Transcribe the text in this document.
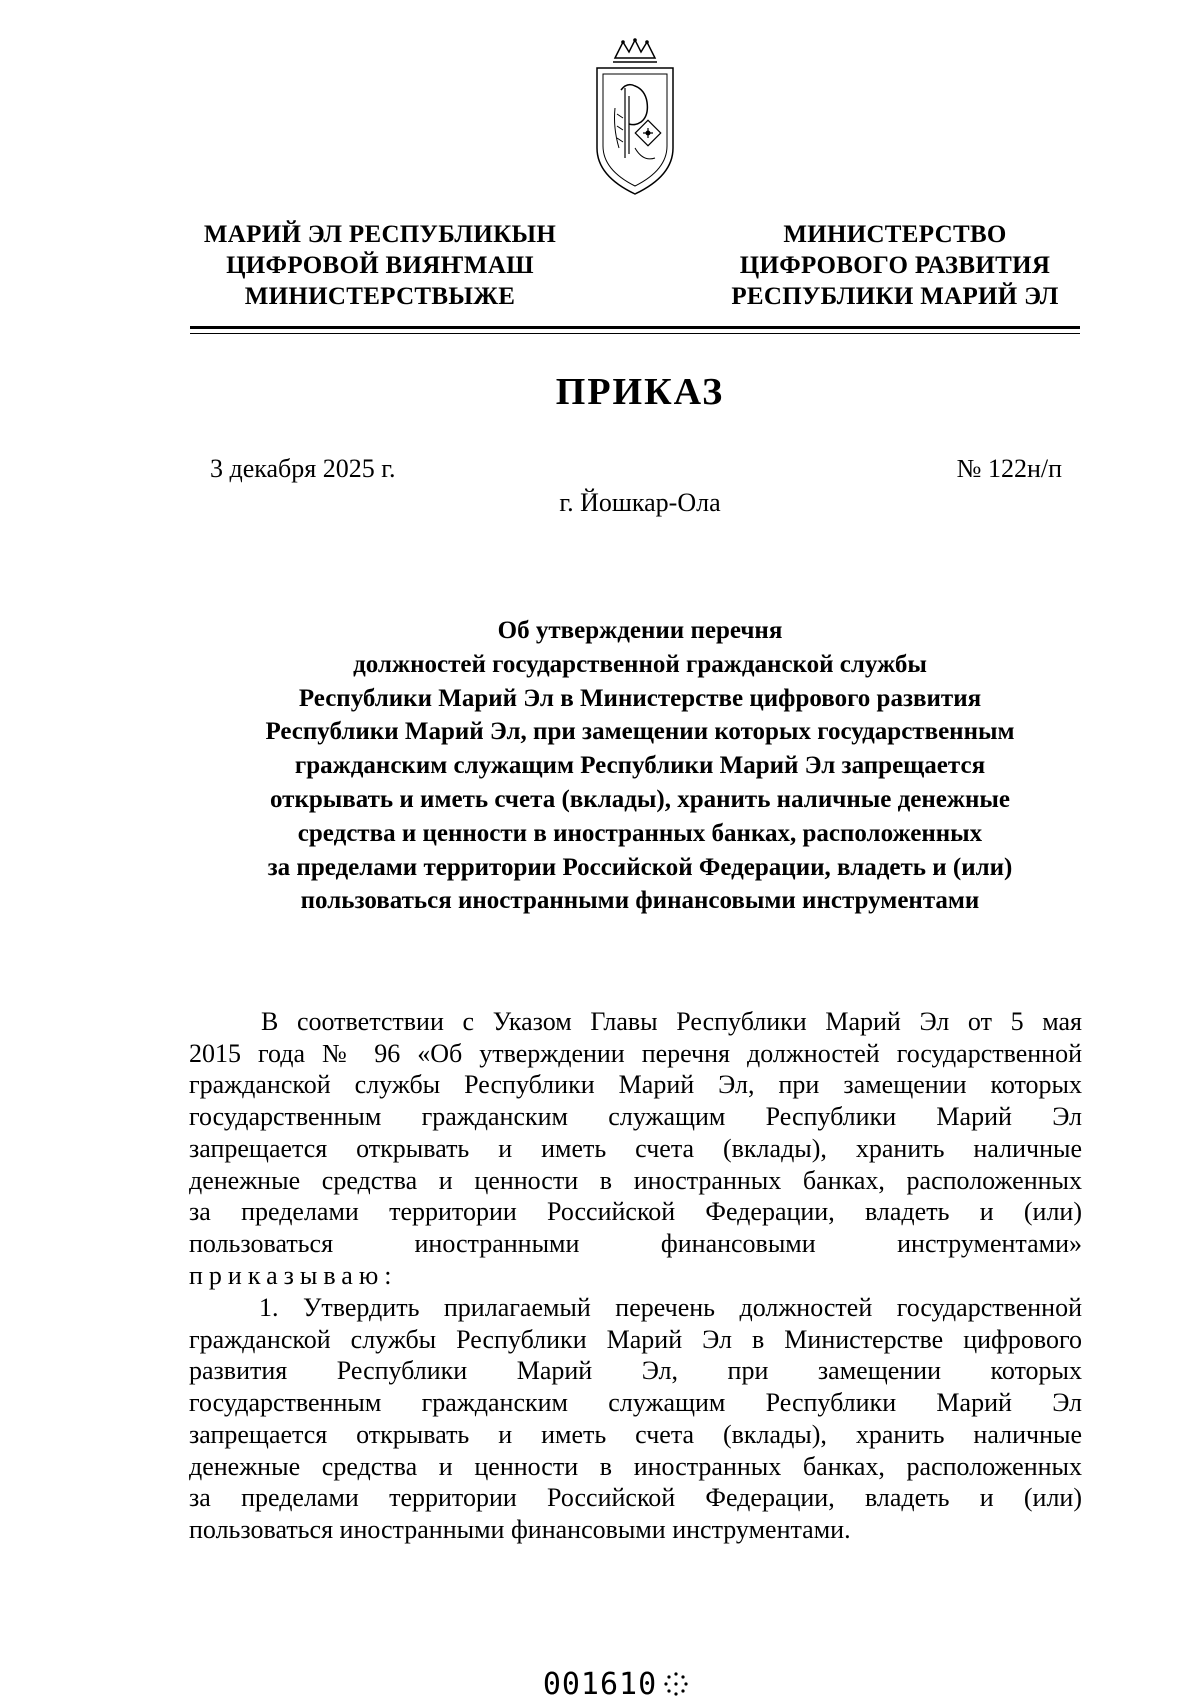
МАРИЙ ЭЛ РЕСПУБЛИКЫН
ЦИФРОВОЙ ВИЯҤМАШ
МИНИСТЕРСТВЫЖЕ
МИНИСТЕРСТВО
ЦИФРОВОГО РАЗВИТИЯ
РЕСПУБЛИКИ МАРИЙ ЭЛ
ПРИКАЗ
3 декабря 2025 г.	№ 122н/п
г. Йошкар-Ола
Об утверждении перечня
должностей государственной гражданской службы
Республики Марий Эл в Министерстве цифрового развития
Республики Марий Эл, при замещении которых государственным
гражданским служащим Республики Марий Эл запрещается
открывать и иметь счета (вклады), хранить наличные денежные
средства и ценности в иностранных банках, расположенных
за пределами территории Российской Федерации, владеть и (или)
пользоваться иностранными финансовыми инструментами
В соответствии с Указом Главы Республики Марий Эл от 5 мая
2015 года № 96 «Об утверждении перечня должностей государственной
гражданской службы Республики Марий Эл, при замещении которых
государственным гражданским служащим Республики Марий Эл
запрещается открывать и иметь счета (вклады), хранить наличные
денежные средства и ценности в иностранных банках, расположенных
за пределами территории Российской Федерации, владеть и (или)
пользоваться иностранными финансовыми инструментами»
приказываю:
1. Утвердить прилагаемый перечень должностей государственной
гражданской службы Республики Марий Эл в Министерстве цифрового
развития Республики Марий Эл, при замещении которых
государственным гражданским служащим Республики Марий Эл
запрещается открывать и иметь счета (вклады), хранить наличные
денежные средства и ценности в иностранных банках, расположенных
за пределами территории Российской Федерации, владеть и (или)
пользоваться иностранными финансовыми инструментами.
001610
